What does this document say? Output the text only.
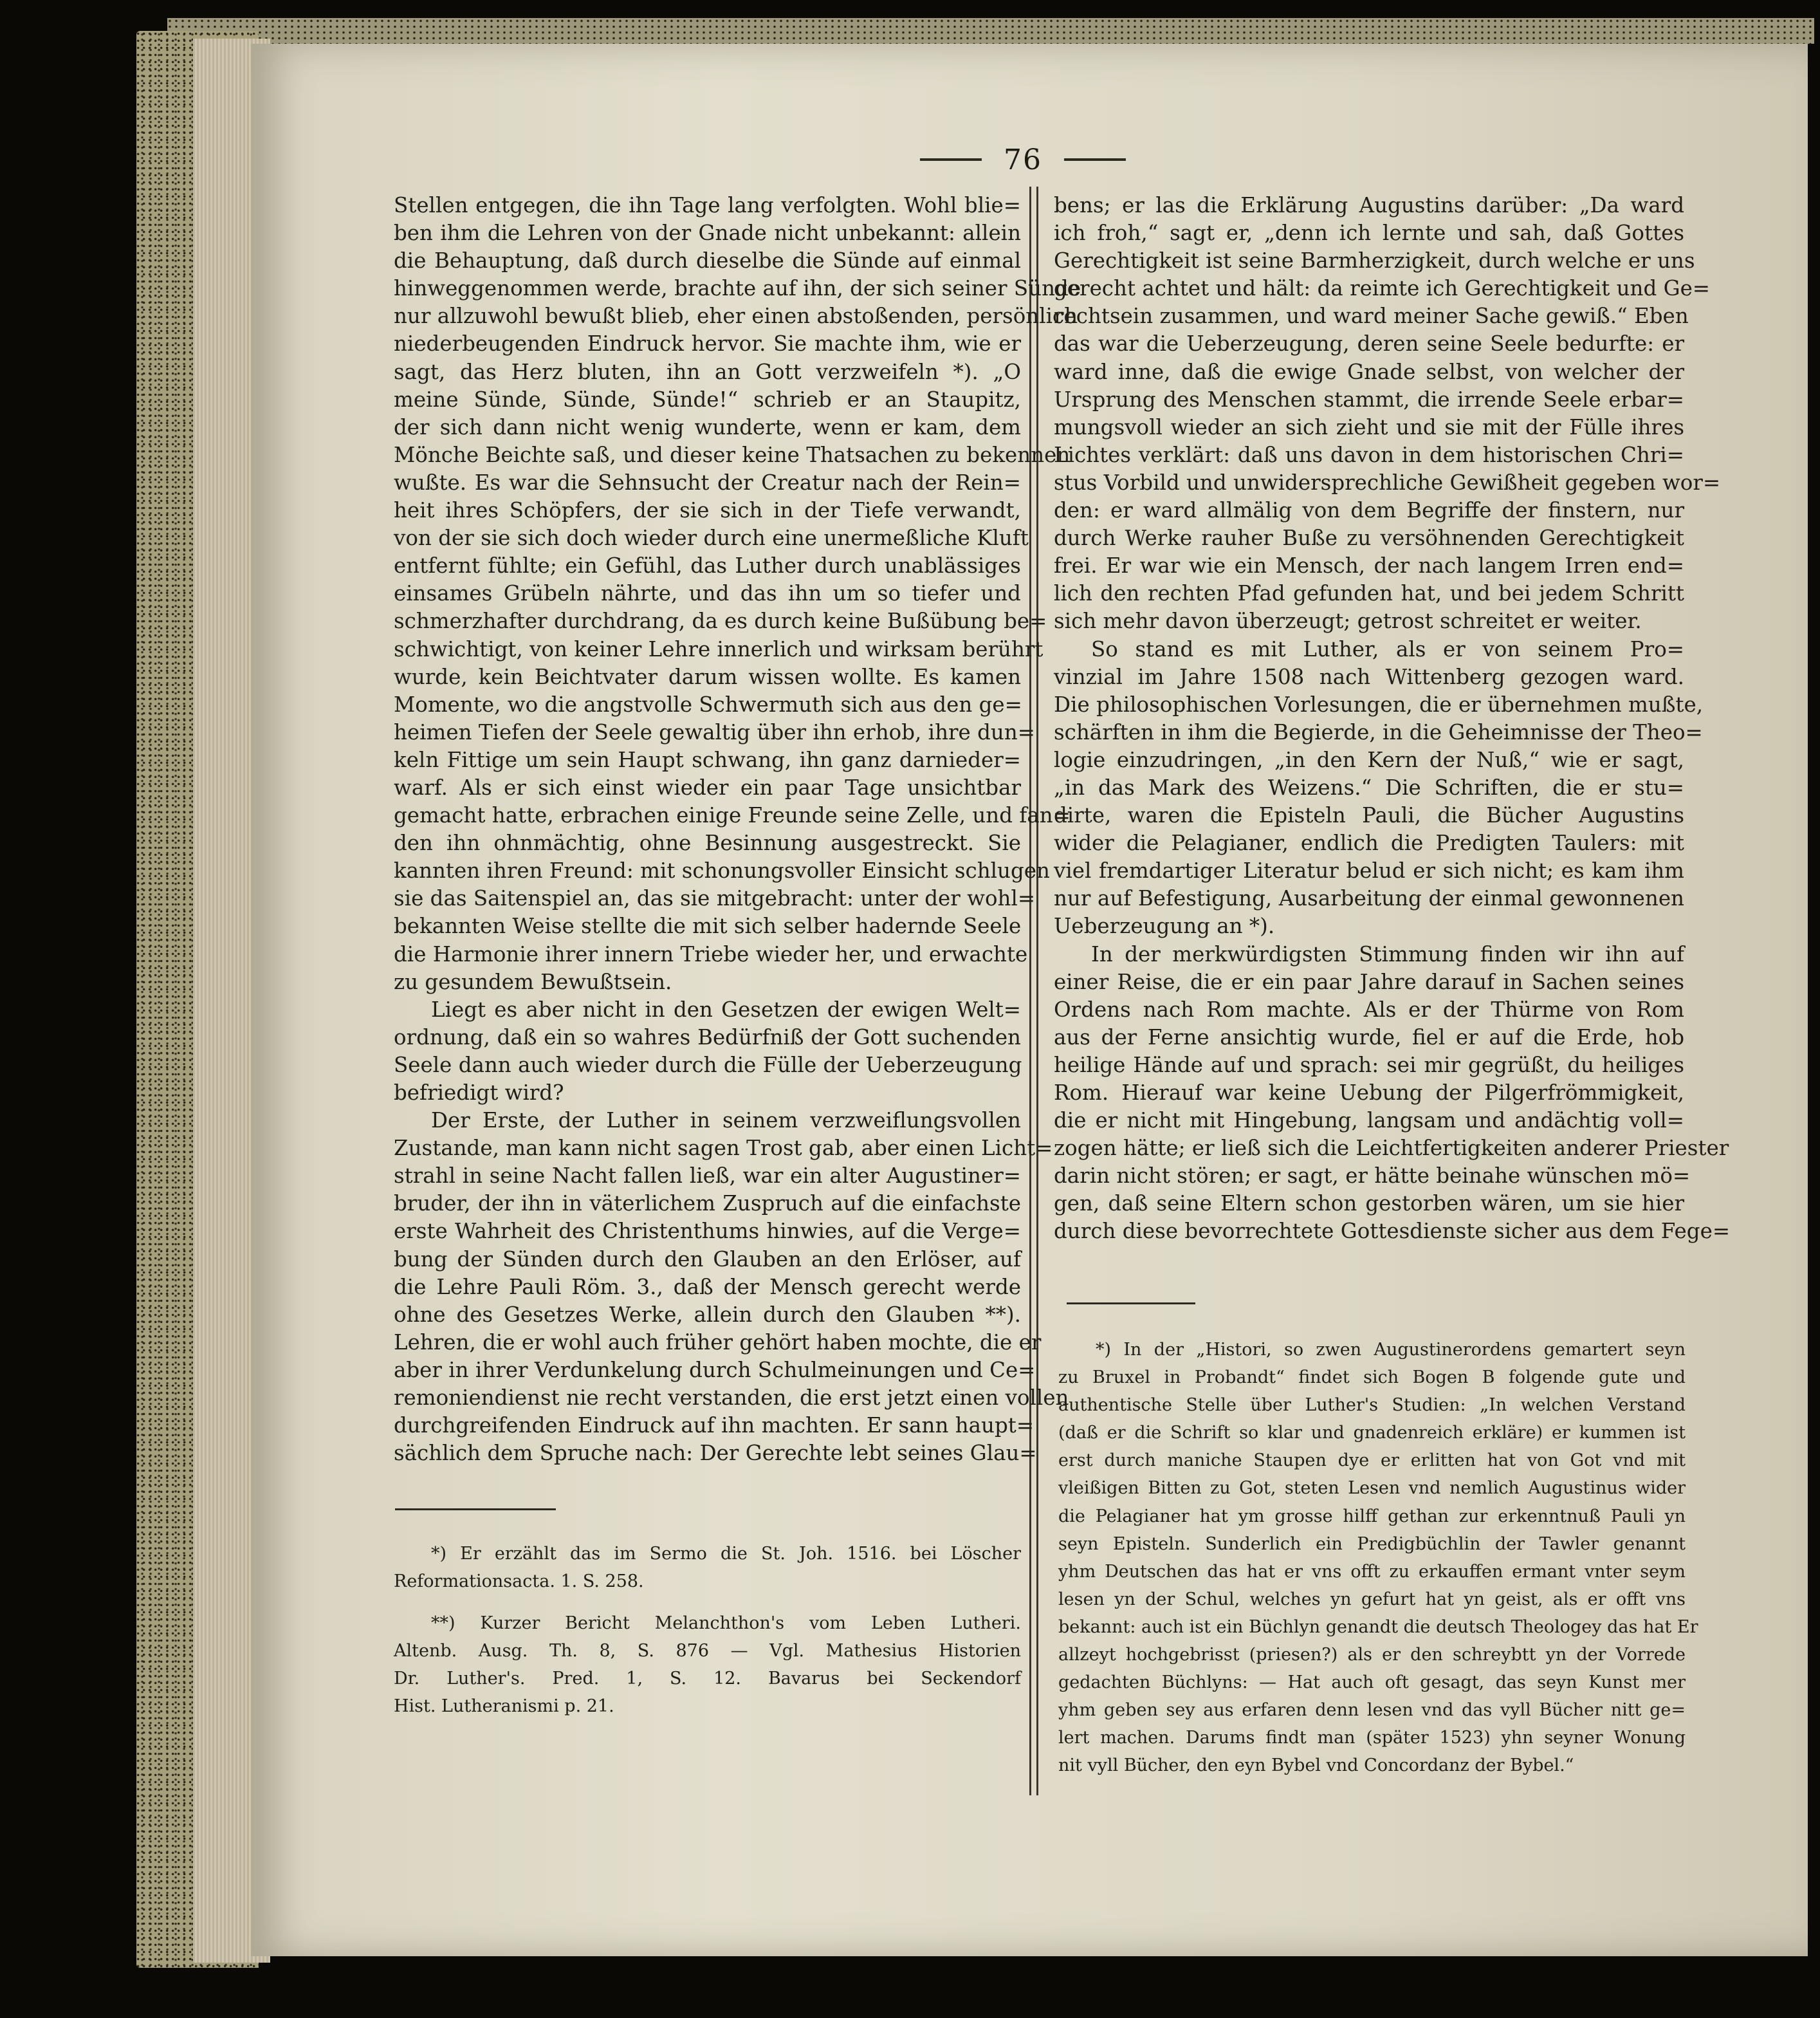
76
Stellen entgegen, die ihn Tage lang verfolgten. Wohl blie=
ben ihm die Lehren von der Gnade nicht unbekannt: allein
die Behauptung, daß durch dieselbe die Sünde auf einmal
hinweggenommen werde, brachte auf ihn, der sich seiner Sünde
nur allzuwohl bewußt blieb, eher einen abstoßenden, persönlich
niederbeugenden Eindruck hervor. Sie machte ihm, wie er
sagt, das Herz bluten, ihn an Gott verzweifeln *). „O
meine Sünde, Sünde, Sünde!“ schrieb er an Staupitz,
der sich dann nicht wenig wunderte, wenn er kam, dem
Mönche Beichte saß, und dieser keine Thatsachen zu bekennen
wußte. Es war die Sehnsucht der Creatur nach der Rein=
heit ihres Schöpfers, der sie sich in der Tiefe verwandt,
von der sie sich doch wieder durch eine unermeßliche Kluft
entfernt fühlte; ein Gefühl, das Luther durch unablässiges
einsames Grübeln nährte, und das ihn um so tiefer und
schmerzhafter durchdrang, da es durch keine Bußübung be=
schwichtigt, von keiner Lehre innerlich und wirksam berührt
wurde, kein Beichtvater darum wissen wollte. Es kamen
Momente, wo die angstvolle Schwermuth sich aus den ge=
heimen Tiefen der Seele gewaltig über ihn erhob, ihre dun=
keln Fittige um sein Haupt schwang, ihn ganz darnieder=
warf. Als er sich einst wieder ein paar Tage unsichtbar
gemacht hatte, erbrachen einige Freunde seine Zelle, und fan=
den ihn ohnmächtig, ohne Besinnung ausgestreckt. Sie
kannten ihren Freund: mit schonungsvoller Einsicht schlugen
sie das Saitenspiel an, das sie mitgebracht: unter der wohl=
bekannten Weise stellte die mit sich selber hadernde Seele
die Harmonie ihrer innern Triebe wieder her, und erwachte
zu gesundem Bewußtsein.
Liegt es aber nicht in den Gesetzen der ewigen Welt=
ordnung, daß ein so wahres Bedürfniß der Gott suchenden
Seele dann auch wieder durch die Fülle der Ueberzeugung
befriedigt wird?
Der Erste, der Luther in seinem verzweiflungsvollen
Zustande, man kann nicht sagen Trost gab, aber einen Licht=
strahl in seine Nacht fallen ließ, war ein alter Augustiner=
bruder, der ihn in väterlichem Zuspruch auf die einfachste
erste Wahrheit des Christenthums hinwies, auf die Verge=
bung der Sünden durch den Glauben an den Erlöser, auf
die Lehre Pauli Röm. 3., daß der Mensch gerecht werde
ohne des Gesetzes Werke, allein durch den Glauben **).
Lehren, die er wohl auch früher gehört haben mochte, die er
aber in ihrer Verdunkelung durch Schulmeinungen und Ce=
remoniendienst nie recht verstanden, die erst jetzt einen vollen
durchgreifenden Eindruck auf ihn machten. Er sann haupt=
sächlich dem Spruche nach: Der Gerechte lebt seines Glau=
bens; er las die Erklärung Augustins darüber: „Da ward
ich froh,“ sagt er, „denn ich lernte und sah, daß Gottes
Gerechtigkeit ist seine Barmherzigkeit, durch welche er uns
gerecht achtet und hält: da reimte ich Gerechtigkeit und Ge=
rechtsein zusammen, und ward meiner Sache gewiß.“ Eben
das war die Ueberzeugung, deren seine Seele bedurfte: er
ward inne, daß die ewige Gnade selbst, von welcher der
Ursprung des Menschen stammt, die irrende Seele erbar=
mungsvoll wieder an sich zieht und sie mit der Fülle ihres
Lichtes verklärt: daß uns davon in dem historischen Chri=
stus Vorbild und unwidersprechliche Gewißheit gegeben wor=
den: er ward allmälig von dem Begriffe der finstern, nur
durch Werke rauher Buße zu versöhnenden Gerechtigkeit
frei. Er war wie ein Mensch, der nach langem Irren end=
lich den rechten Pfad gefunden hat, und bei jedem Schritt
sich mehr davon überzeugt; getrost schreitet er weiter.
So stand es mit Luther, als er von seinem Pro=
vinzial im Jahre 1508 nach Wittenberg gezogen ward.
Die philosophischen Vorlesungen, die er übernehmen mußte,
schärften in ihm die Begierde, in die Geheimnisse der Theo=
logie einzudringen, „in den Kern der Nuß,“ wie er sagt,
„in das Mark des Weizens.“ Die Schriften, die er stu=
dirte, waren die Episteln Pauli, die Bücher Augustins
wider die Pelagianer, endlich die Predigten Taulers: mit
viel fremdartiger Literatur belud er sich nicht; es kam ihm
nur auf Befestigung, Ausarbeitung der einmal gewonnenen
Ueberzeugung an *).
In der merkwürdigsten Stimmung finden wir ihn auf
einer Reise, die er ein paar Jahre darauf in Sachen seines
Ordens nach Rom machte. Als er der Thürme von Rom
aus der Ferne ansichtig wurde, fiel er auf die Erde, hob
heilige Hände auf und sprach: sei mir gegrüßt, du heiliges
Rom. Hierauf war keine Uebung der Pilgerfrömmigkeit,
die er nicht mit Hingebung, langsam und andächtig voll=
zogen hätte; er ließ sich die Leichtfertigkeiten anderer Priester
darin nicht stören; er sagt, er hätte beinahe wünschen mö=
gen, daß seine Eltern schon gestorben wären, um sie hier
durch diese bevorrechtete Gottesdienste sicher aus dem Fege=
*) Er erzählt das im Sermo die St. Joh. 1516. bei Löscher
Reformationsacta. 1. S. 258.
**) Kurzer Bericht Melanchthon's vom Leben Lutheri.
Altenb. Ausg. Th. 8, S. 876 — Vgl. Mathesius Historien
Dr. Luther's. Pred. 1, S. 12. Bavarus bei Seckendorf
Hist. Lutheranismi p. 21.
*) In der „Histori, so zwen Augustinerordens gemartert seyn
zu Bruxel in Probandt“ findet sich Bogen B folgende gute und
authentische Stelle über Luther's Studien: „In welchen Verstand
(daß er die Schrift so klar und gnadenreich erkläre) er kummen ist
erst durch maniche Staupen dye er erlitten hat von Got vnd mit
vleißigen Bitten zu Got, steten Lesen vnd nemlich Augustinus wider
die Pelagianer hat ym grosse hilff gethan zur erkenntnuß Pauli yn
seyn Episteln. Sunderlich ein Predigbüchlin der Tawler genannt
yhm Deutschen das hat er vns offt zu erkauffen ermant vnter seym
lesen yn der Schul, welches yn gefurt hat yn geist, als er offt vns
bekannt: auch ist ein Büchlyn genandt die deutsch Theologey das hat Er
allzeyt hochgebrisst (priesen?) als er den schreybtt yn der Vorrede
gedachten Büchlyns: — Hat auch oft gesagt, das seyn Kunst mer
yhm geben sey aus erfaren denn lesen vnd das vyll Bücher nitt ge=
lert machen. Darums findt man (später 1523) yhn seyner Wonung
nit vyll Bücher, den eyn Bybel vnd Concordanz der Bybel.“
